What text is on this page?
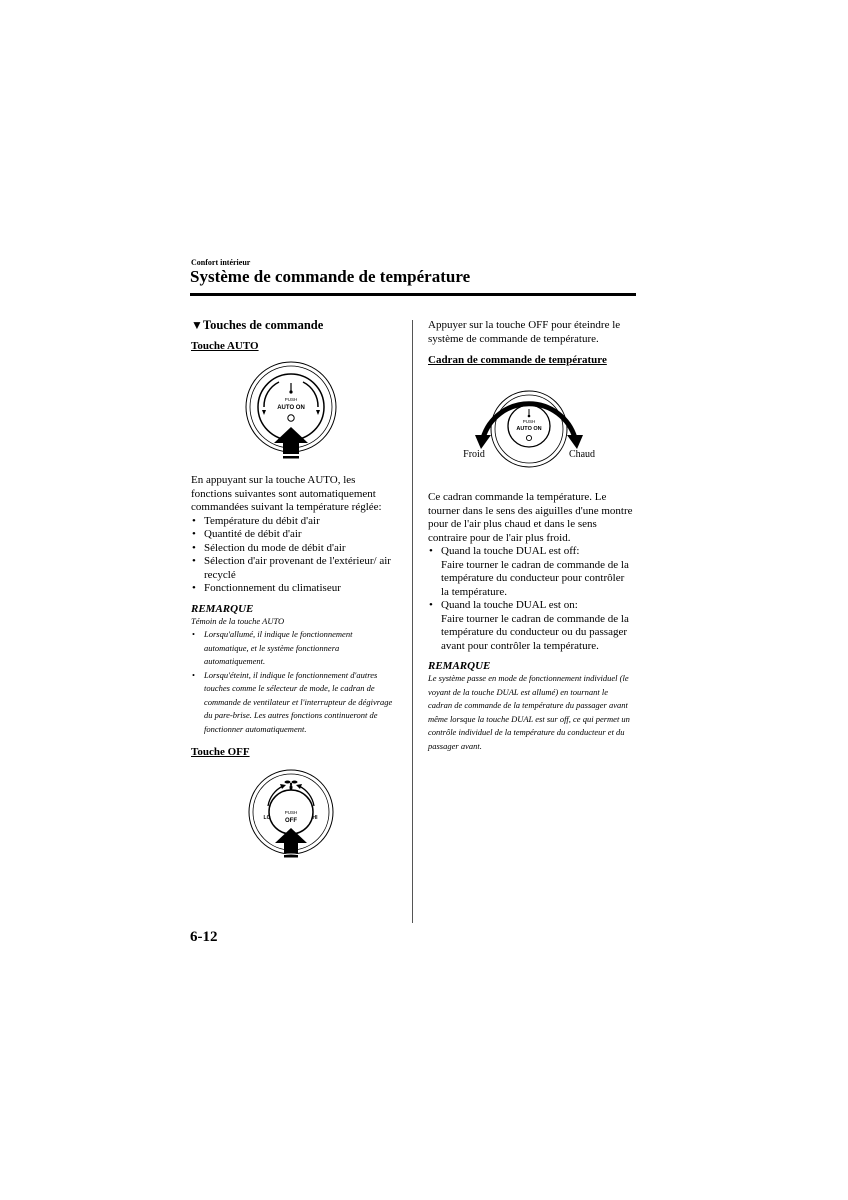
Confort intérieur
Système de commande de température

▼Touches de commande

Touche AUTO

PUSH
AUTO ON

En appuyant sur la touche AUTO, les fonctions suivantes sont automatiquement commandées suivant la température réglée:

• Température du débit d'air
• Quantité de débit d'air
• Sélection du mode de débit d'air
• Sélection d'air provenant de l'extérieur/ air recyclé
• Fonctionnement du climatiseur

REMARQUE

Témoin de la touche AUTO

• Lorsqu'allumé, il indique le fonctionnement automatique, et le système fonctionnera automatiquement.
• Lorsqu'éteint, il indique le fonctionnement d'autres touches comme le sélecteur de mode, le cadran de commande de ventilateur et l'interrupteur de dégivrage du pare-brise. Les autres fonctions continueront de fonctionner automatiquement.

Touche OFF

LO	HI
PUSH
OFF

Appuyer sur la touche OFF pour éteindre le système de commande de température.

Cadran de commande de température

PUSH
AUTO ON
Froid	Chaud

Ce cadran commande la température. Le tourner dans le sens des aiguilles d'une montre pour de l'air plus chaud et dans le sens contraire pour de l'air plus froid.

• Quand la touche DUAL est off:
Faire tourner le cadran de commande de la température du conducteur pour contrôler la température.
• Quand la touche DUAL est on:
Faire tourner le cadran de commande de la température du conducteur ou du passager avant pour contrôler la température.

REMARQUE

Le système passe en mode de fonctionnement individuel (le voyant de la touche DUAL est allumé) en tournant le cadran de commande de la température du passager avant même lorsque la touche DUAL est sur off, ce qui permet un contrôle individuel de la température du conducteur et du passager avant.

6-12
